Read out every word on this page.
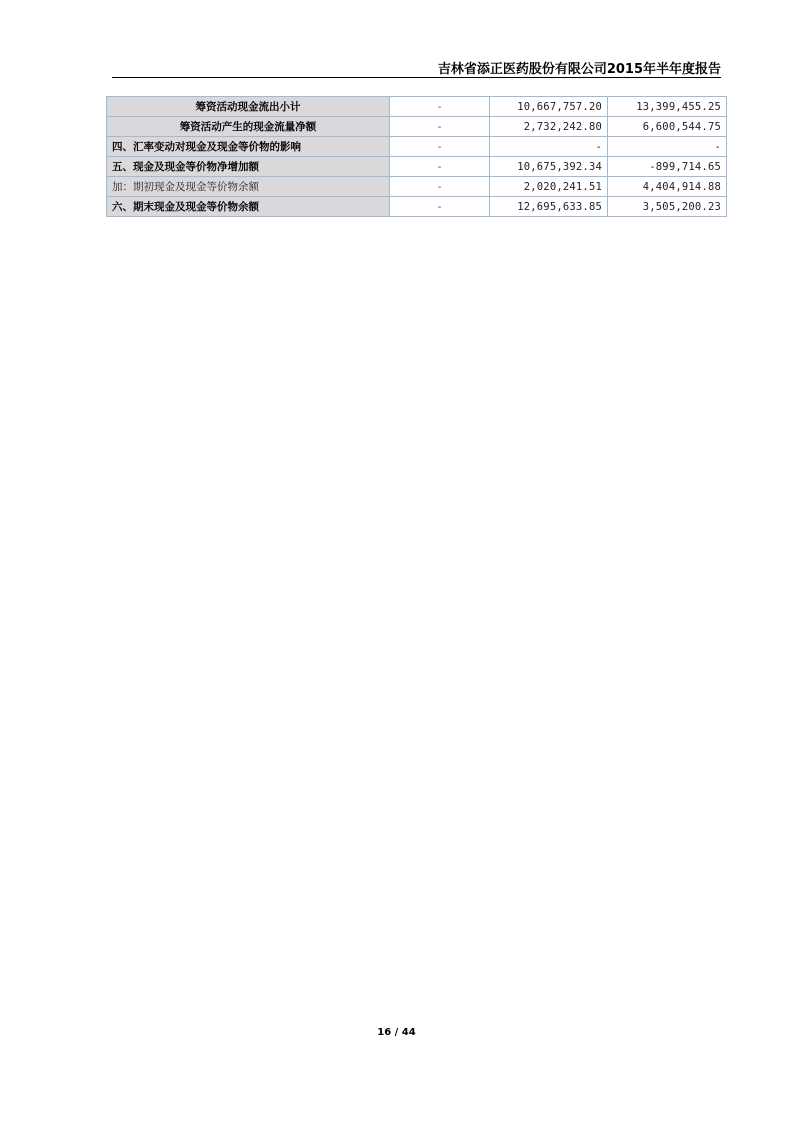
吉林省添正医药股份有限公司2015年半年度报告
筹资活动现金流出小计	-	10,667,757.20	13,399,455.25
筹资活动产生的现金流量净额	-	2,732,242.80	6,600,544.75
四、汇率变动对现金及现金等价物的影响	-	-	-
五、现金及现金等价物净增加额	-	10,675,392.34	-899,714.65
加：期初现金及现金等价物余额	-	2,020,241.51	4,404,914.88
六、期末现金及现金等价物余额	-	12,695,633.85	3,505,200.23
16 / 44
